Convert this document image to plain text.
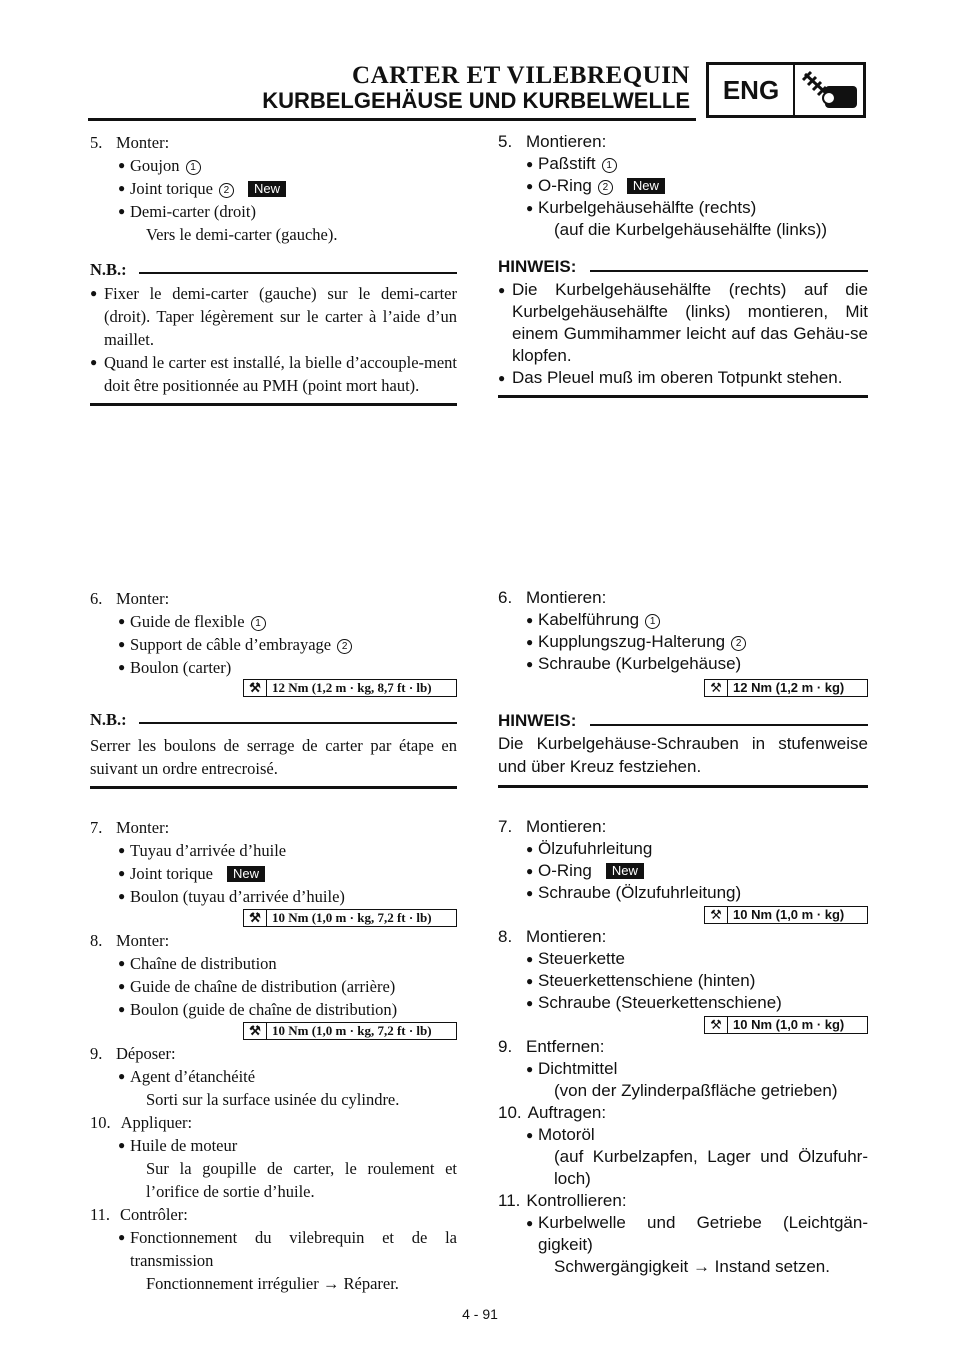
CARTER ET VILEBREQUIN
KURBELGEHÄUSE UND KURBELWELLE	ENG

5. Monter:

● Goujon 1

● Joint torique 2 New

● Demi-carter (droit)

Vers le demi-carter (gauche).

N.B.:

● Fixer le demi-carter (gauche) sur le demi-carter (droit). Taper légèrement sur le carter à l’aide d’un maillet.

● Quand le carter est installé, la bielle d’accouple-ment doit être positionnée au PMH (point mort haut).

6. Monter:

● Guide de flexible 1

● Support de câble d’embrayage 2

● Boulon (carter)

⚒ 12 Nm (1,2 m · kg, 8,7 ft · lb)
N.B.:

Serrer les boulons de serrage de carter par étape en suivant un ordre entrecroisé.

7. Monter:

● Tuyau d’arrivée d’huile

● Joint torique New

● Boulon (tuyau d’arrivée d’huile)

⚒ 10 Nm (1,0 m · kg, 7,2 ft · lb)

8. Monter:

● Chaîne de distribution

● Guide de chaîne de distribution (arrière)

● Boulon (guide de chaîne de distribution)

⚒ 10 Nm (1,0 m · kg, 7,2 ft · lb)

9. Déposer:

● Agent d’étanchéité

Sorti sur la surface usinée du cylindre.

10. Appliquer:

● Huile de moteur

Sur la goupille de carter, le roulement et l’orifice de sortie d’huile.

11. Contrôler:

● Fonctionnement du vilebrequin et de la transmission

Fonctionnement irrégulier → Réparer.

5. Montieren:

● Paßstift 1

● O-Ring 2 New

● Kurbelgehäusehälfte (rechts)

(auf die Kurbelgehäusehälfte (links))

HINWEIS:

● Die Kurbelgehäusehälfte (rechts) auf die Kurbelgehäusehälfte (links) montieren, Mit einem Gummihammer leicht auf das Gehäu-se klopfen.

● Das Pleuel muß im oberen Totpunkt stehen.

6. Montieren:

● Kabelführung 1

● Kupplungszug-Halterung 2

● Schraube (Kurbelgehäuse)

⚒ 12 Nm (1,2 m · kg)
HINWEIS:

Die Kurbelgehäuse-Schrauben in stufenweise und über Kreuz festziehen.

7. Montieren:

● Ölzufuhrleitung

● O-Ring New

● Schraube (Ölzufuhrleitung)

⚒ 10 Nm (1,0 m · kg)

8. Montieren:

● Steuerkette

● Steuerkettenschiene (hinten)

● Schraube (Steuerkettenschiene)

⚒ 10 Nm (1,0 m · kg)

9. Entfernen:

● Dichtmittel

(von der Zylinderpaßfläche getrieben)

10. Auftragen:

● Motoröl

(auf Kurbelzapfen, Lager und Ölzufuhr-loch)

11. Kontrollieren:

● Kurbelwelle und Getriebe (Leichtgän-gigkeit)

Schwergängigkeit → Instand setzen.

4 - 91
